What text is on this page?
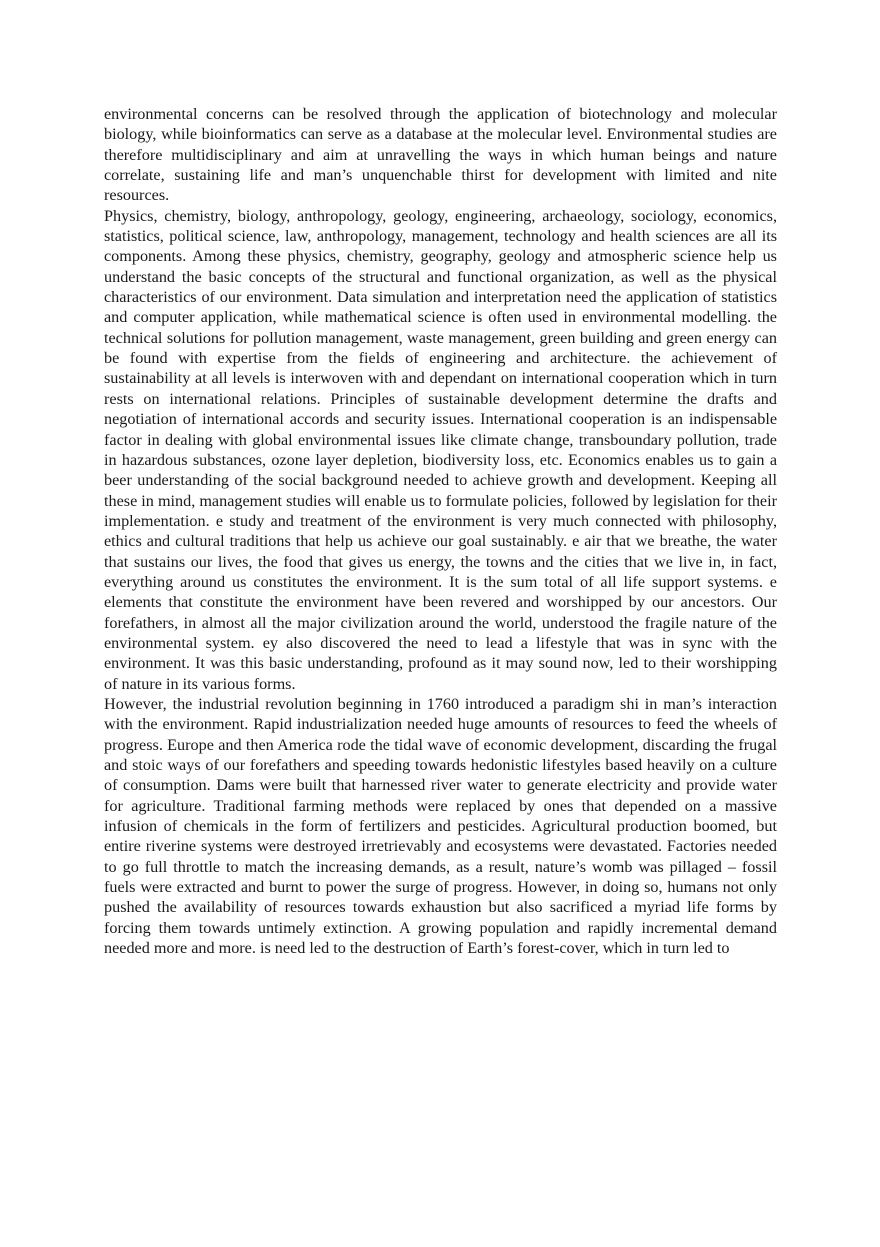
environmental concerns can be resolved through the application of biotechnology and molecular biology, while bioinformatics can serve as a database at the molecular level. Environmental studies are therefore multidisciplinary and aim at unravelling the ways in which human beings and nature correlate, sustaining life and man’s unquenchable thirst for development with limited and nite resources.

Physics, chemistry, biology, anthropology, geology, engineering, archaeology, sociology, economics, statistics, political science, law, anthropology, management, technology and health sciences are all its components. Among these physics, chemistry, geography, geology and atmospheric science help us understand the basic concepts of the structural and functional organization, as well as the physical characteristics of our environment. Data simulation and interpretation need the application of statistics and computer application, while mathematical science is often used in environmental modelling. the technical solutions for pollution management, waste management, green building and green energy can be found with expertise from the fields of engineering and architecture. the achievement of sustainability at all levels is interwoven with and dependant on international cooperation which in turn rests on international relations. Principles of sustainable development determine the drafts and negotiation of international accords and security issues. International cooperation is an indispensable factor in dealing with global environmental issues like climate change, transboundary pollution, trade in hazardous substances, ozone layer depletion, biodiversity loss, etc. Economics enables us to gain a beer understanding of the social background needed to achieve growth and development. Keeping all these in mind, management studies will enable us to formulate policies, followed by legislation for their implementation. e study and treatment of the environment is very much connected with philosophy, ethics and cultural traditions that help us achieve our goal sustainably. e air that we breathe, the water that sustains our lives, the food that gives us energy, the towns and the cities that we live in, in fact, everything around us constitutes the environment. It is the sum total of all life support systems. e elements that constitute the environment have been revered and worshipped by our ancestors. Our forefathers, in almost all the major civilization around the world, understood the fragile nature of the environmental system. ey also discovered the need to lead a lifestyle that was in sync with the environment. It was this basic understanding, profound as it may sound now, led to their worshipping of nature in its various forms.

However, the industrial revolution beginning in 1760 introduced a paradigm shi in man’s interaction with the environment. Rapid industrialization needed huge amounts of resources to feed the wheels of progress. Europe and then America rode the tidal wave of economic development, discarding the frugal and stoic ways of our forefathers and speeding towards hedonistic lifestyles based heavily on a culture of consumption. Dams were built that harnessed river water to generate electricity and provide water for agriculture. Traditional farming methods were replaced by ones that depended on a massive infusion of chemicals in the form of fertilizers and pesticides. Agricultural production boomed, but entire riverine systems were destroyed irretrievably and ecosystems were devastated. Factories needed to go full throttle to match the increasing demands, as a result, nature’s womb was pillaged – fossil fuels were extracted and burnt to power the surge of progress. However, in doing so, humans not only pushed the availability of resources towards exhaustion but also sacrificed a myriad life forms by forcing them towards untimely extinction. A growing population and rapidly incremental demand needed more and more. is need led to the destruction of Earth’s forest-cover, which in turn led to
